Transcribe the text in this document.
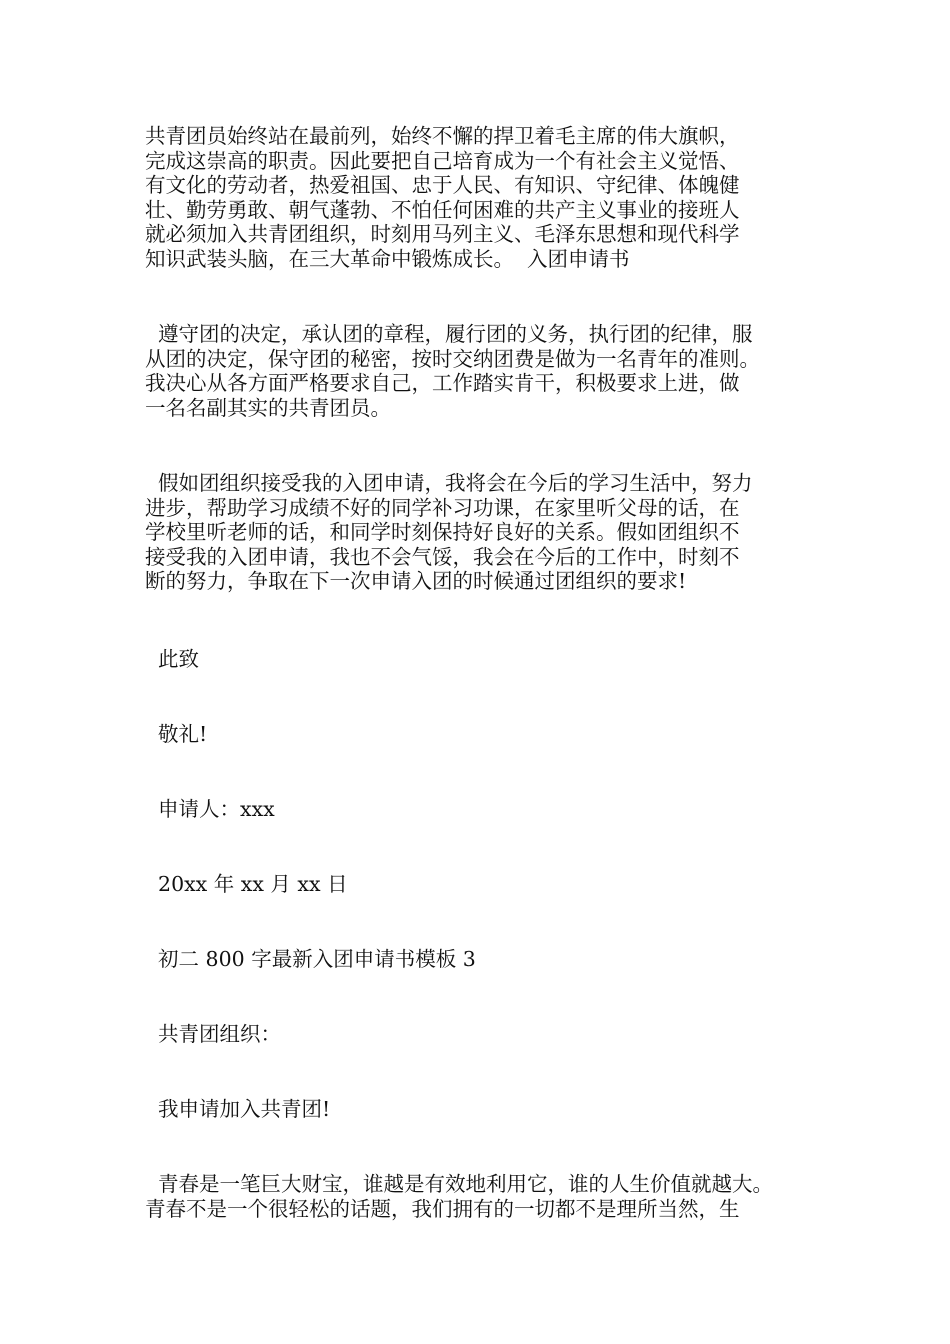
共青团员始终站在最前列，始终不懈的捍卫着毛主席的伟大旗帜，
完成这崇高的职责。因此要把自己培育成为一个有社会主义觉悟、
有文化的劳动者，热爱祖国、忠于人民、有知识、守纪律、体魄健
壮、勤劳勇敢、朝气蓬勃、不怕任何困难的共产主义事业的接班人
就必须加入共青团组织，时刻用马列主义、毛泽东思想和现代科学
知识武装头脑，在三大革命中锻炼成长。  入团申请书

遵守团的决定，承认团的章程，履行团的义务，执行团的纪律，服
从团的决定，保守团的秘密，按时交纳团费是做为一名青年的准则。
我决心从各方面严格要求自己，工作踏实肯干，积极要求上进，做
一名名副其实的共青团员。

假如团组织接受我的入团申请，我将会在今后的学习生活中，努力
进步，帮助学习成绩不好的同学补习功课，在家里听父母的话，在
学校里听老师的话，和同学时刻保持好良好的关系。假如团组织不
接受我的入团申请，我也不会气馁，我会在今后的工作中，时刻不
断的努力，争取在下一次申请入团的时候通过团组织的要求!

此致

敬礼!

申请人：xxx

20xx 年 xx 月 xx 日

初二 800 字最新入团申请书模板 3

共青团组织：

我申请加入共青团!

青春是一笔巨大财宝，谁越是有效地利用它，谁的人生价值就越大。
青春不是一个很轻松的话题，我们拥有的一切都不是理所当然，生
